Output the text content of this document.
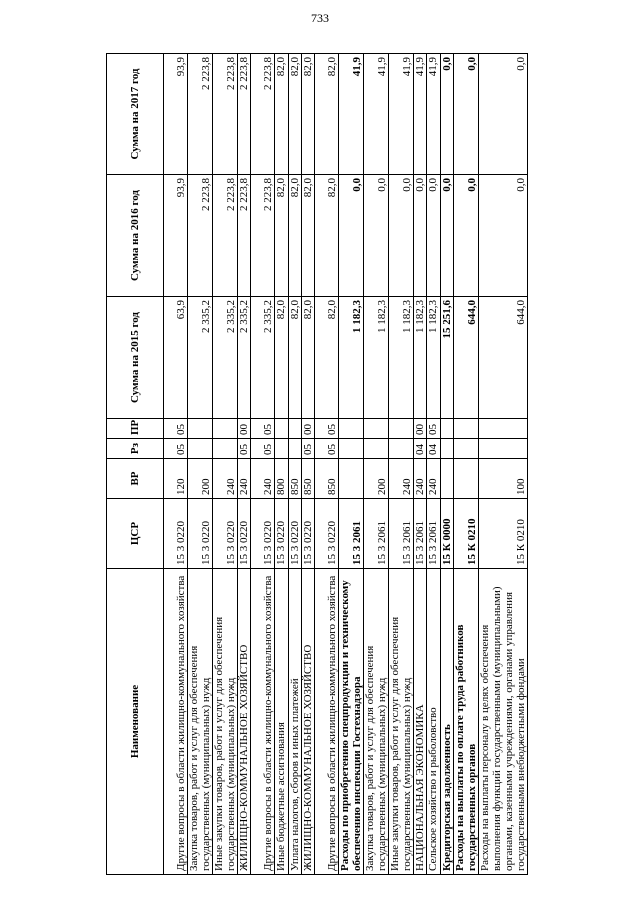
733
Наименование	ЦСР	ВР	Рз	ПР	Сумма на 2015 год	Сумма на 2016 год	Сумма на 2017 год
Другие вопросы в области жилищно-коммунального хозяйства	15 3 0220	120	05	05	63,9	93,9	93,9
Закупка товаров, работ и услуг для обеспечения государственных (муниципальных) нужд	15 3 0220	200			2 335,2	2 223,8	2 223,8
Иные закупки товаров, работ и услуг для обеспечения государственных (муниципальных) нужд	15 3 0220	240			2 335,2	2 223,8	2 223,8
ЖИЛИЩНО-КОММУНАЛЬНОЕ ХОЗЯЙСТВО	15 3 0220	240	05	00	2 335,2	2 223,8	2 223,8
Другие вопросы в области жилищно-коммунального хозяйства	15 3 0220	240	05	05	2 335,2	2 223,8	2 223,8
Иные бюджетные ассигнования	15 3 0220	800			82,0	82,0	82,0
Уплата налогов, сборов и иных платежей	15 3 0220	850			82,0	82,0	82,0
ЖИЛИЩНО-КОММУНАЛЬНОЕ ХОЗЯЙСТВО	15 3 0220	850	05	00	82,0	82,0	82,0
Другие вопросы в области жилищно-коммунального хозяйства	15 3 0220	850	05	05	82,0	82,0	82,0
Расходы по приобретению спецпродукции и техническому обеспечению инспекции Гостехнадзора	15 3 2061				1 182,3	0,0	41,9
Закупка товаров, работ и услуг для обеспечения государственных (муниципальных) нужд	15 3 2061	200			1 182,3	0,0	41,9
Иные закупки товаров, работ и услуг для обеспечения государственных (муниципальных) нужд	15 3 2061	240			1 182,3	0,0	41,9
НАЦИОНАЛЬНАЯ ЭКОНОМИКА	15 3 2061	240	04	00	1 182,3	0,0	41,9
Сельское хозяйство и рыболовство	15 3 2061	240	04	05	1 182,3	0,0	41,9
Кредиторская задолженность	15 К 0000				15 251,6	0,0	0,0
Расходы на выплаты по оплате труда работников государственных органов	15 К 0210				644,0	0,0	0,0
Расходы на выплаты персоналу в целях обеспечения выполнения функций государственными (муниципальными) органами, казенными учреждениями, органами управления государственными внебюджетными фондами	15 К 0210	100			644,0	0,0	0,0
